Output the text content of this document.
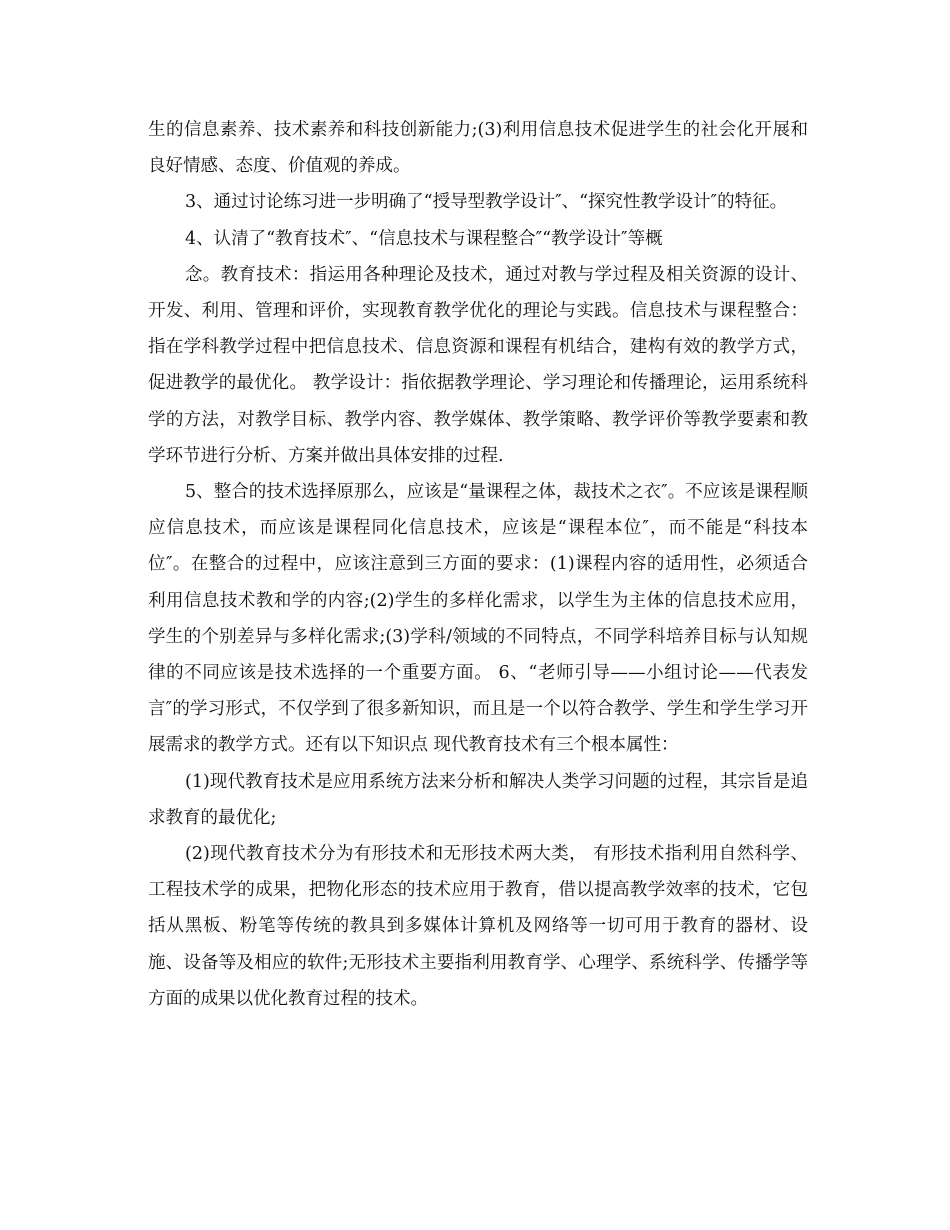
生的信息素养、技术素养和科技创新能力;(3)利用信息技术促进学生的社会化开展和良好情感、态度、价值观的养成。

3、通过讨论练习进一步明确了“授导型教学设计″、“探究性教学设计″的特征。

4、认清了“教育技术″、“信息技术与课程整合″“教学设计″等概

念。教育技术：指运用各种理论及技术，通过对教与学过程及相关资源的设计、开发、利用、管理和评价，实现教育教学优化的理论与实践。信息技术与课程整合：指在学科教学过程中把信息技术、信息资源和课程有机结合，建构有效的教学方式，促进教学的最优化。 教学设计：指依据教学理论、学习理论和传播理论，运用系统科学的方法，对教学目标、教学内容、教学媒体、教学策略、教学评价等教学要素和教学环节进行分析、方案并做出具体安排的过程.

5、整合的技术选择原那么，应该是“量课程之体，裁技术之衣″。不应该是课程顺应信息技术，而应该是课程同化信息技术，应该是“课程本位″，而不能是“科技本位″。在整合的过程中，应该注意到三方面的要求：(1)课程内容的适用性，必须适合利用信息技术教和学的内容;(2)学生的多样化需求，以学生为主体的信息技术应用，学生的个别差异与多样化需求;(3)学科/领域的不同特点，不同学科培养目标与认知规律的不同应该是技术选择的一个重要方面。 6、“老师引导——小组讨论——代表发言″的学习形式，不仅学到了很多新知识，而且是一个以符合教学、学生和学生学习开展需求的教学方式。还有以下知识点 现代教育技术有三个根本属性：

(1)现代教育技术是应用系统方法来分析和解决人类学习问题的过程，其宗旨是追求教育的最优化;

(2)现代教育技术分为有形技术和无形技术两大类， 有形技术指利用自然科学、工程技术学的成果，把物化形态的技术应用于教育，借以提高教学效率的技术，它包括从黑板、粉笔等传统的教具到多媒体计算机及网络等一切可用于教育的器材、设施、设备等及相应的软件;无形技术主要指利用教育学、心理学、系统科学、传播学等方面的成果以优化教育过程的技术。
